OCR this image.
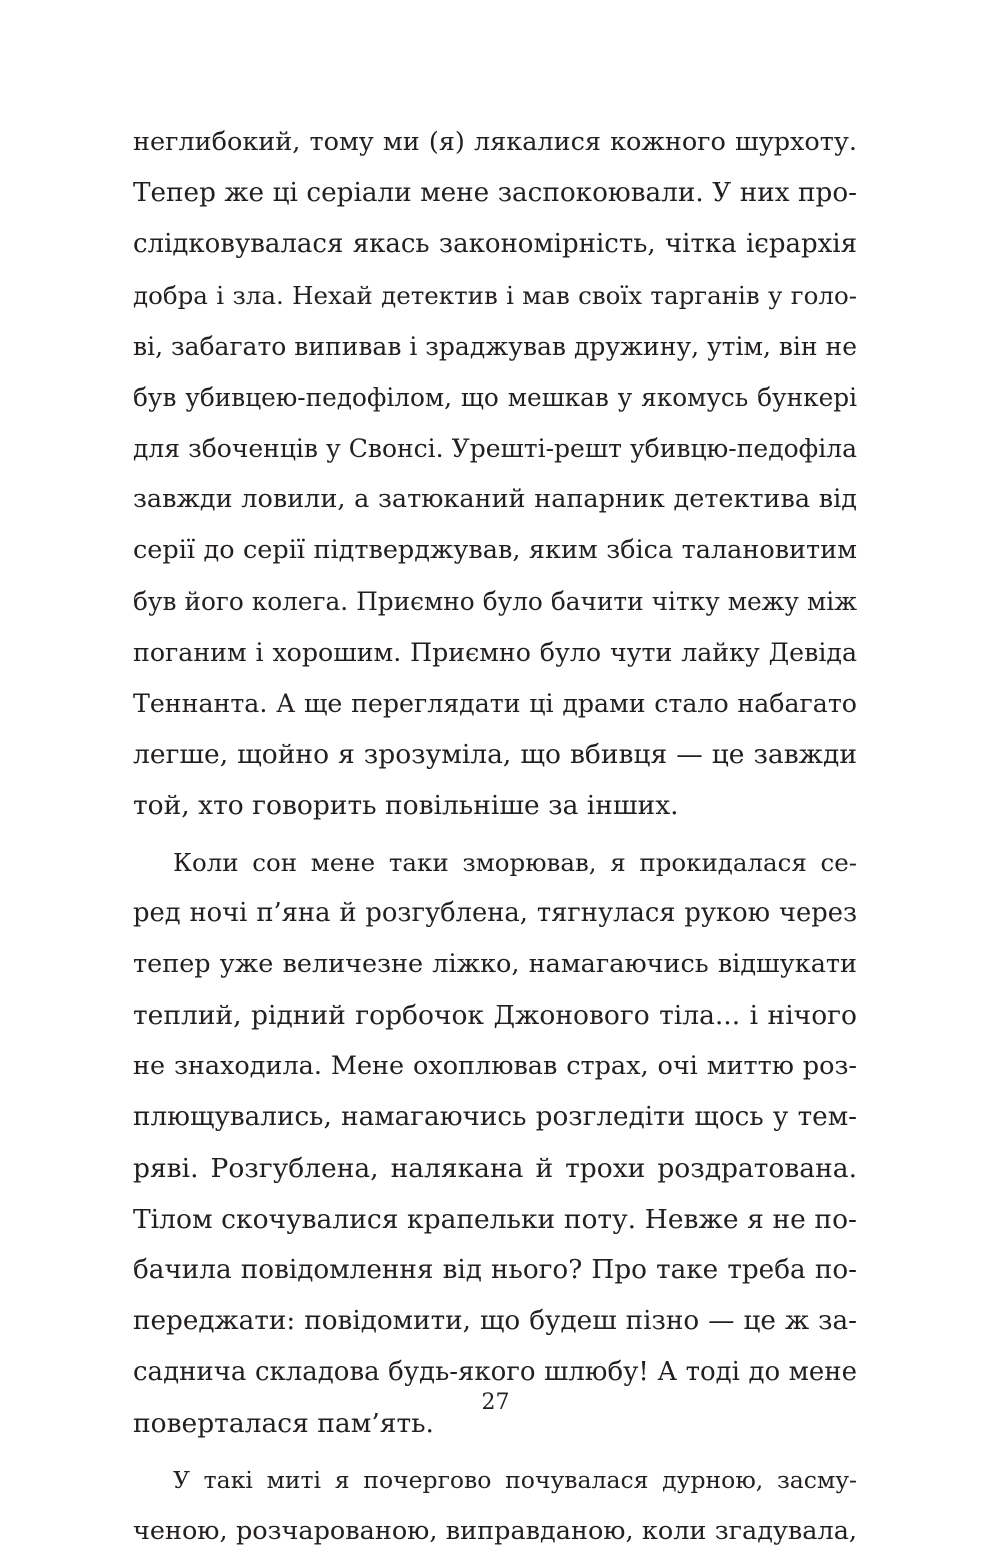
неглибокий, тому ми (я) лякалися кожного шурхоту.
Тепер же ці серіали мене заспокоювали. У них про-
слідковувалася якась закономірність, чітка ієрархія
добра і зла. Нехай детектив і мав своїх тарганів у голо-
ві, забагато випивав і зраджував дружину, утім, він не
був убивцею-педофілом, що мешкав у якомусь бункері
для збоченців у Свонсі. Урешті-решт убивцю-педофіла
завжди ловили, а затюканий напарник детектива від
серії до серії підтверджував, яким збіса талановитим
був його колега. Приємно було бачити чітку межу між
поганим і хорошим. Приємно було чути лайку Девіда
Теннанта. А ще переглядати ці драми стало набагато
легше, щойно я зрозуміла, що вбивця — це завжди
той, хто говорить повільніше за інших.
Коли сон мене таки зморював, я прокидалася се-
ред ночі п’яна й розгублена, тягнулася рукою через
тепер уже величезне ліжко, намагаючись відшукати
теплий, рідний горбочок Джонового тіла... і нічого
не знаходила. Мене охоплював страх, очі миттю роз-
плющувались, намагаючись розгледіти щось у тем-
ряві. Розгублена, налякана й трохи роздратована.
Тілом скочувалися крапельки поту. Невже я не по-
бачила повідомлення від нього? Про таке треба по-
переджати: повідомити, що будеш пізно — це ж за-
саднича складова будь-якого шлюбу! А тоді до мене
поверталася пам’ять.
У такі миті я почергово почувалася дурною, засму-
ченою, розчарованою, виправданою, коли згадувала,
27
